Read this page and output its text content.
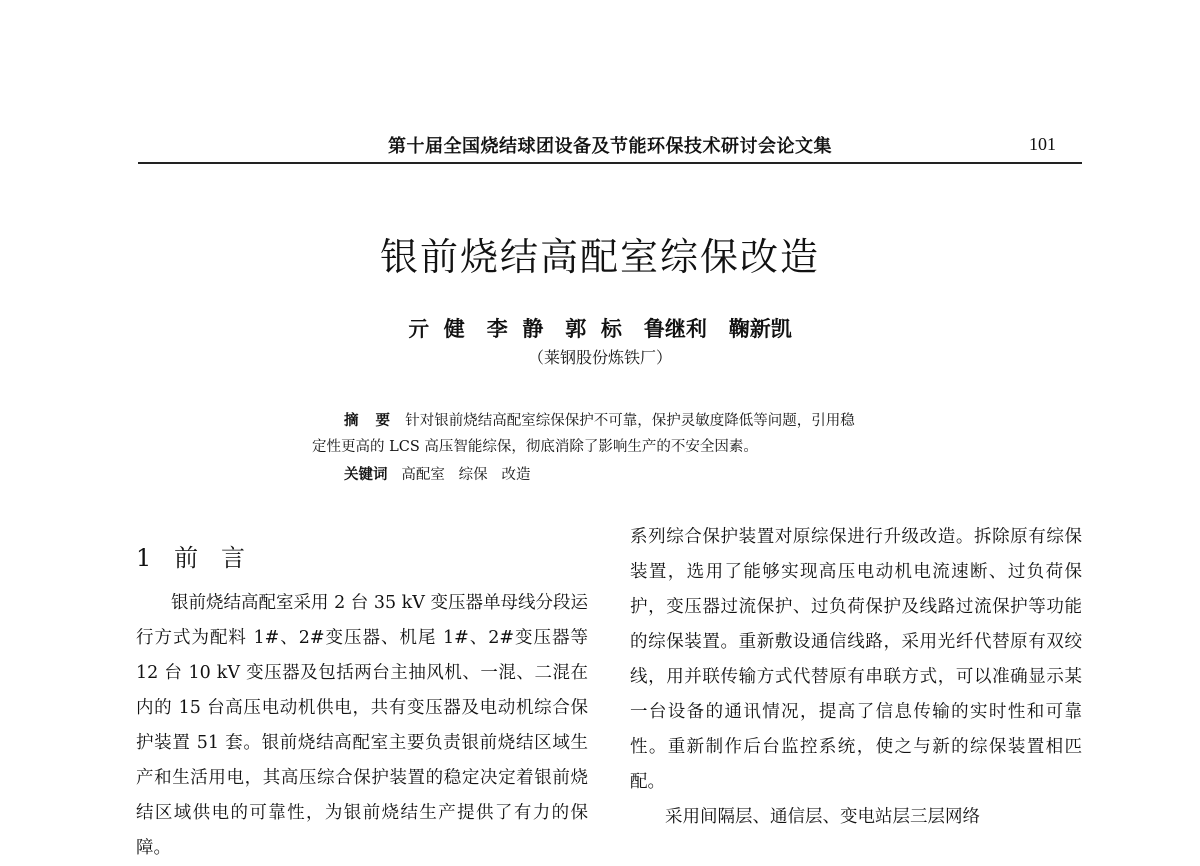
第十届全国烧结球团设备及节能环保技术研讨会论文集	101
银前烧结高配室综保改造
亓  健   李  静   郭  标   鲁继利   鞠新凯
（莱钢股份炼铁厂）
摘 要 针对银前烧结高配室综保保护不可靠，保护灵敏度降低等问题，引用稳
定性更高的 LCS 高压智能综保，彻底消除了影响生产的不安全因素。
关键词 高配室   综保   改造
1   前   言

银前烧结高配室采用 2 台 35 kV 变压器单母线分段运行方式为配料 1#、2#变压器、机尾 1#、2#变压器等 12 台 10 kV 变压器及包括两台主抽风机、一混、二混在内的 15 台高压电动机供电，共有变压器及电动机综合保护装置 51 套。银前烧结高配室主要负责银前烧结区域生产和生活用电，其高压综合保护装置的稳定决定着银前烧结区域供电的可靠性，为银前烧结生产提供了有力的保障。

系列综合保护装置对原综保进行升级改造。拆除原有综保装置，选用了能够实现高压电动机电流速断、过负荷保护，变压器过流保护、过负荷保护及线路过流保护等功能的综保装置。重新敷设通信线路，采用光纤代替原有双绞线，用并联传输方式代替原有串联方式，可以准确显示某一台设备的通讯情况，提高了信息传输的实时性和可靠性。重新制作后台监控系统，使之与新的综保装置相匹配。

采用间隔层、通信层、变电站层三层网络
